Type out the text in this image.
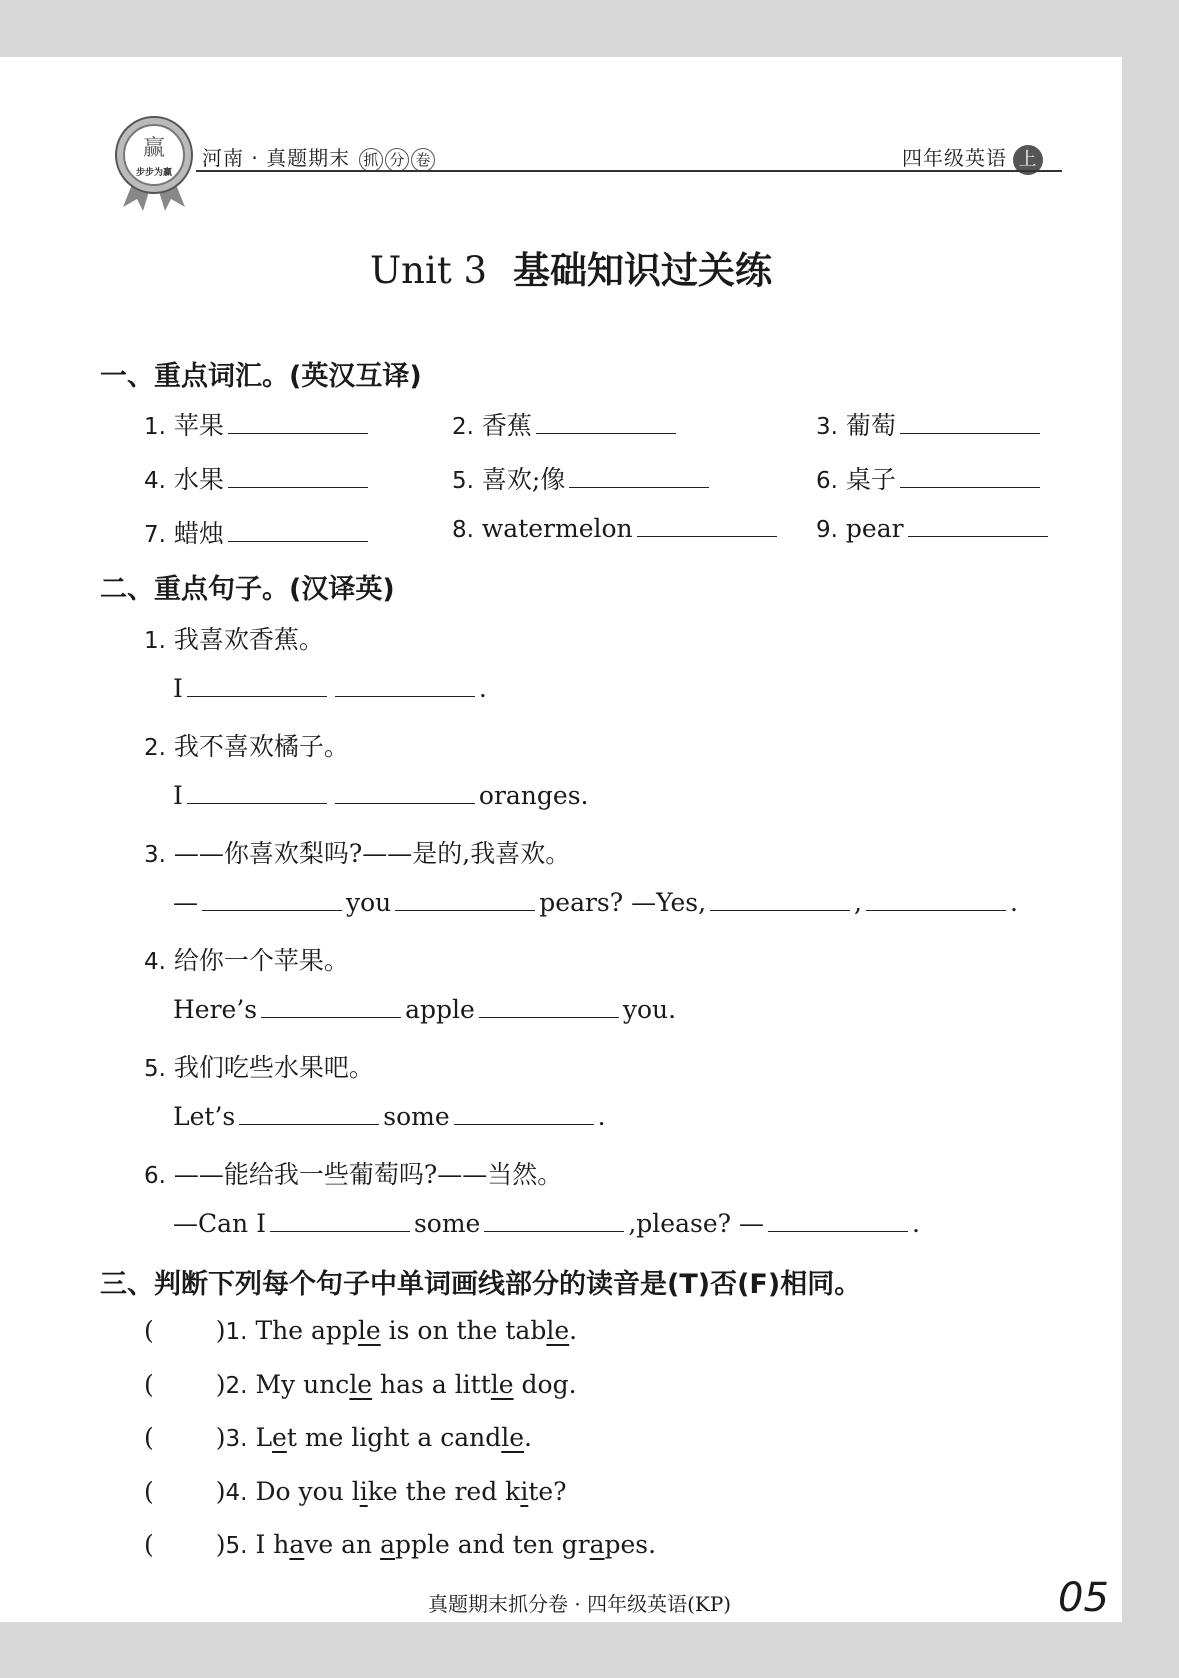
赢
步步为赢
河南 · 真题期末 抓 分 卷	四年级英语 上
Unit 3 基础知识过关练
一、重点词汇。(英汉互译)
1. 苹果	2. 香蕉	3. 葡萄
4. 水果	5. 喜欢;像	6. 桌子
7. 蜡烛	8. watermelon	9. pear
二、重点句子。(汉译英)
1. 我喜欢香蕉。
I	.
2. 我不喜欢橘子。
I	oranges.
3. ——你喜欢梨吗?——是的,我喜欢。
—	you	pears? —Yes,	,	.
4. 给你一个苹果。
Here’s	apple	you.
5. 我们吃些水果吧。
Let’s	some	.
6. ——能给我一些葡萄吗?——当然。
—Can I	some	,please? —	.
三、判断下列每个句子中单词画线部分的读音是(T)否(F)相同。
( )1. The apple is on the table.
( )2. My uncle has a little dog.
( )3. Let me light a candle.
( )4. Do you like the red kite?
( )5. I have an apple and ten grapes.
真题期末抓分卷 · 四年级英语(KP)	05
